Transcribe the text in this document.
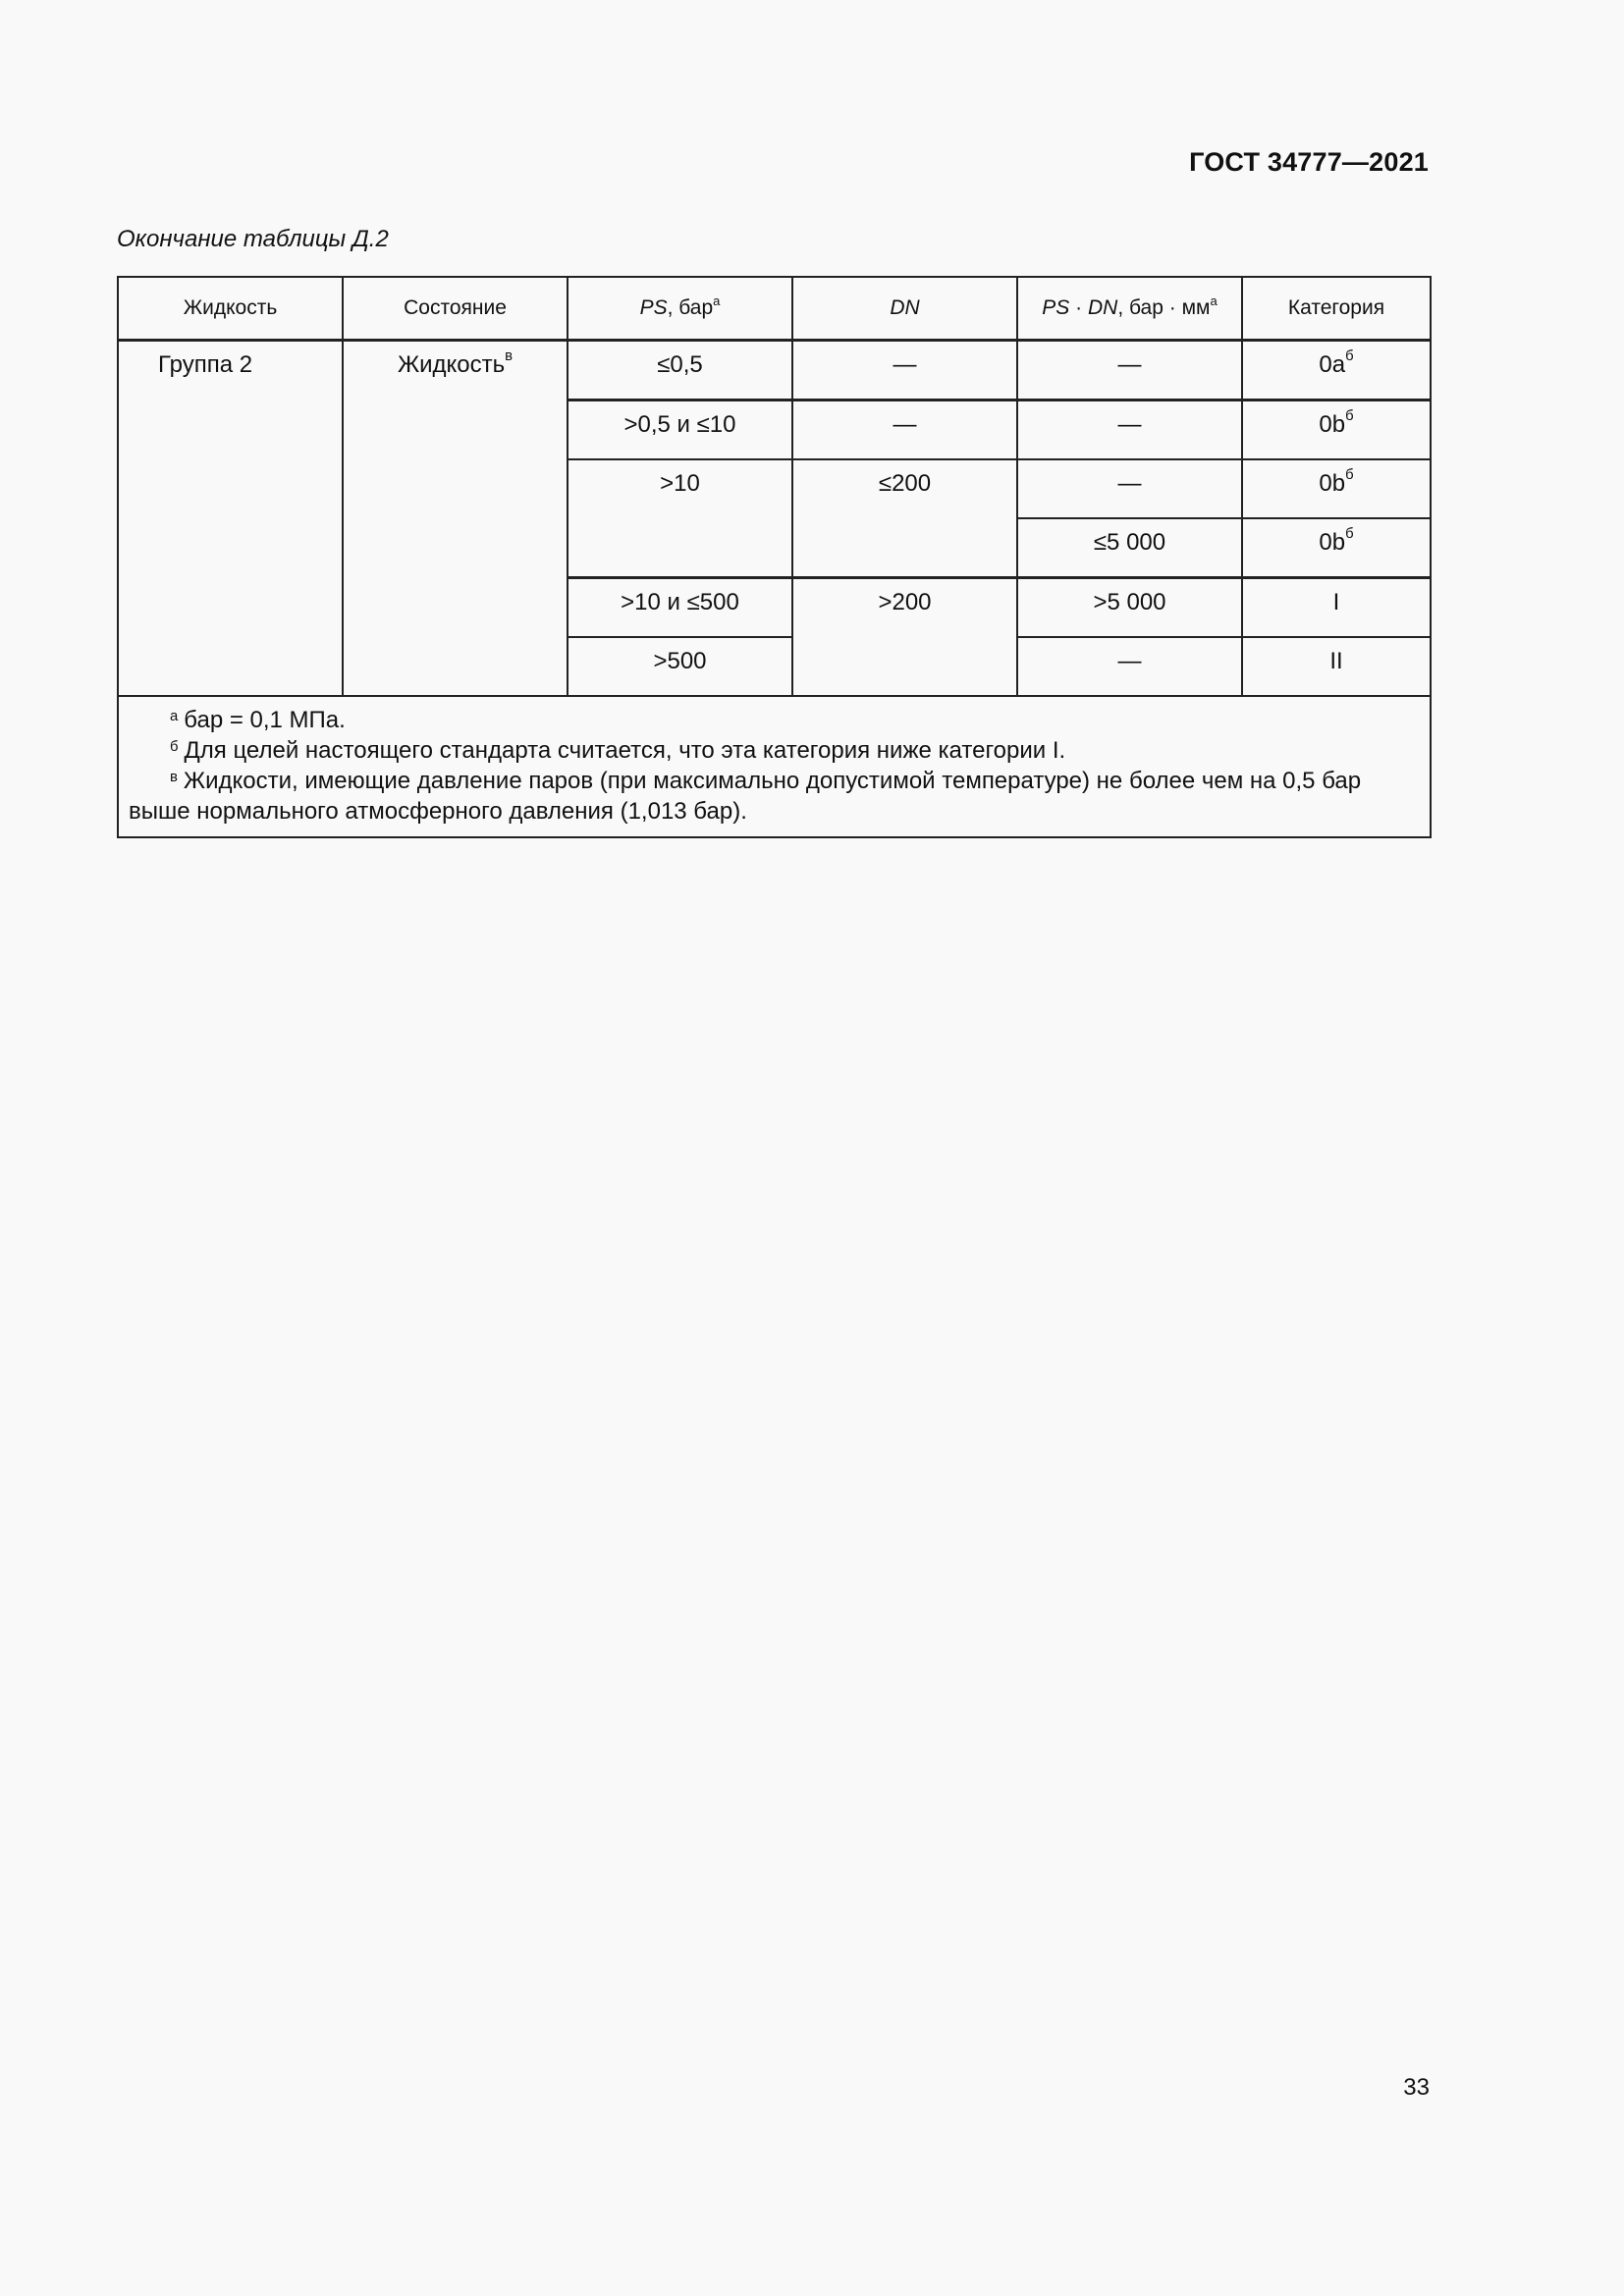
ГОСТ 34777—2021
Окончание таблицы Д.2
Жидкость	Состояние	PS, бар$^а$	DN	PS · DN, бар · $мм^а$	Категория
Группа 2	Жидкость$^в$	≤0,5	—	—	$0a^б$
		>0,5 и ≤10	—	—	$0b^б$
		>10	≤200	—	$0b^б$
				≤5 000	$0b^б$
		>10 и ≤500	>200	>5 000	I
		>500		—	II

$^а$ бар = 0,1 МПа.

$^б$ Для целей настоящего стандарта считается, что эта категория ниже категории I.

$^в$ Жидкости, имеющие давление паров (при максимально допустимой температуре) не более чем на 0,5 бар выше нормального атмосферного давления (1,013 бар).					

33
